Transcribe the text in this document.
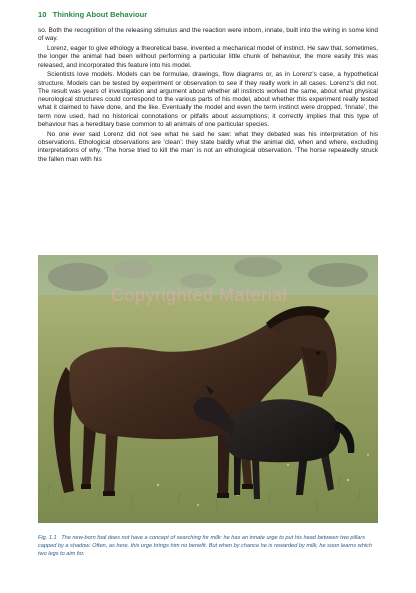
10 Thinking About Behaviour

so. Both the recognition of the releasing stimulus and the reaction were inborn, innate, built into the wiring in some kind of way.

Lorenz, eager to give ethology a theoretical base, invented a mechanical model of instinct. He saw that, sometimes, the longer the animal had been without performing a particular little chunk of behaviour, the more easily this was released, and incorporated this feature into his model.

Scientists love models. Models can be formulae, drawings, flow diagrams or, as in Lorenz’s case, a hypothetical structure. Models can be tested by experiment or observation to see if they really work in all cases. Lorenz’s did not. The result was years of investigation and argument about whether all instincts worked the same, about what physical neurological structures could correspond to the various parts of his model, about whether this experiment really tested what it claimed to have done, and the like. Eventually the model and even the term instinct were dropped. ‘Innate’, the term now used, had no historical connotations or pitfalls about assumptions; it correctly implies that this type of behaviour has a hereditary base common to all animals of one particular species.

No one ever said Lorenz did not see what he said he saw: what they debated was his interpretation of his observations. Ethological observations are ‘clean’: they state baldly what the animal did, when and where, excluding interpretations of why. ‘The horse tried to kill the man’ is not an ethological observation. ‘The horse repeatedly struck the fallen man with his

Copyrighted Material
Fig. 1.1 The new-born foal does not have a concept of searching for milk: he has an innate urge to put his head between two pillars capped by a shadow. Often, as here, this urge brings him no benefit. But when by chance he is rewarded by milk, he soon learns which two legs to aim for.
